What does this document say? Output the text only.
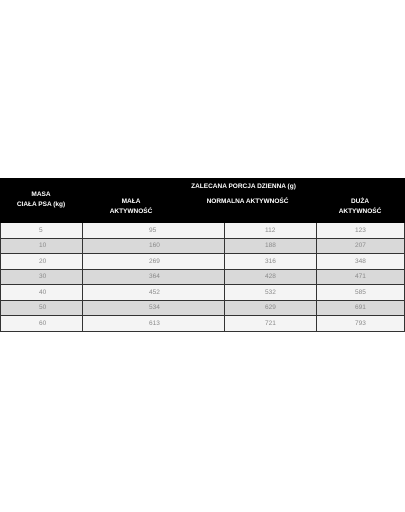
MASA
CIAŁA PSA (kg)
ZALECANA PORCJA DZIENNA (g)
MAŁA
AKTYWNOŚĆ
NORMALNA AKTYWNOŚĆ	DUŻA
AKTYWNOŚĆ
5	95	112	123
10	160	188	207
20	269	316	348
30	364	428	471
40	452	532	585
50	534	629	691
60	613	721	793
